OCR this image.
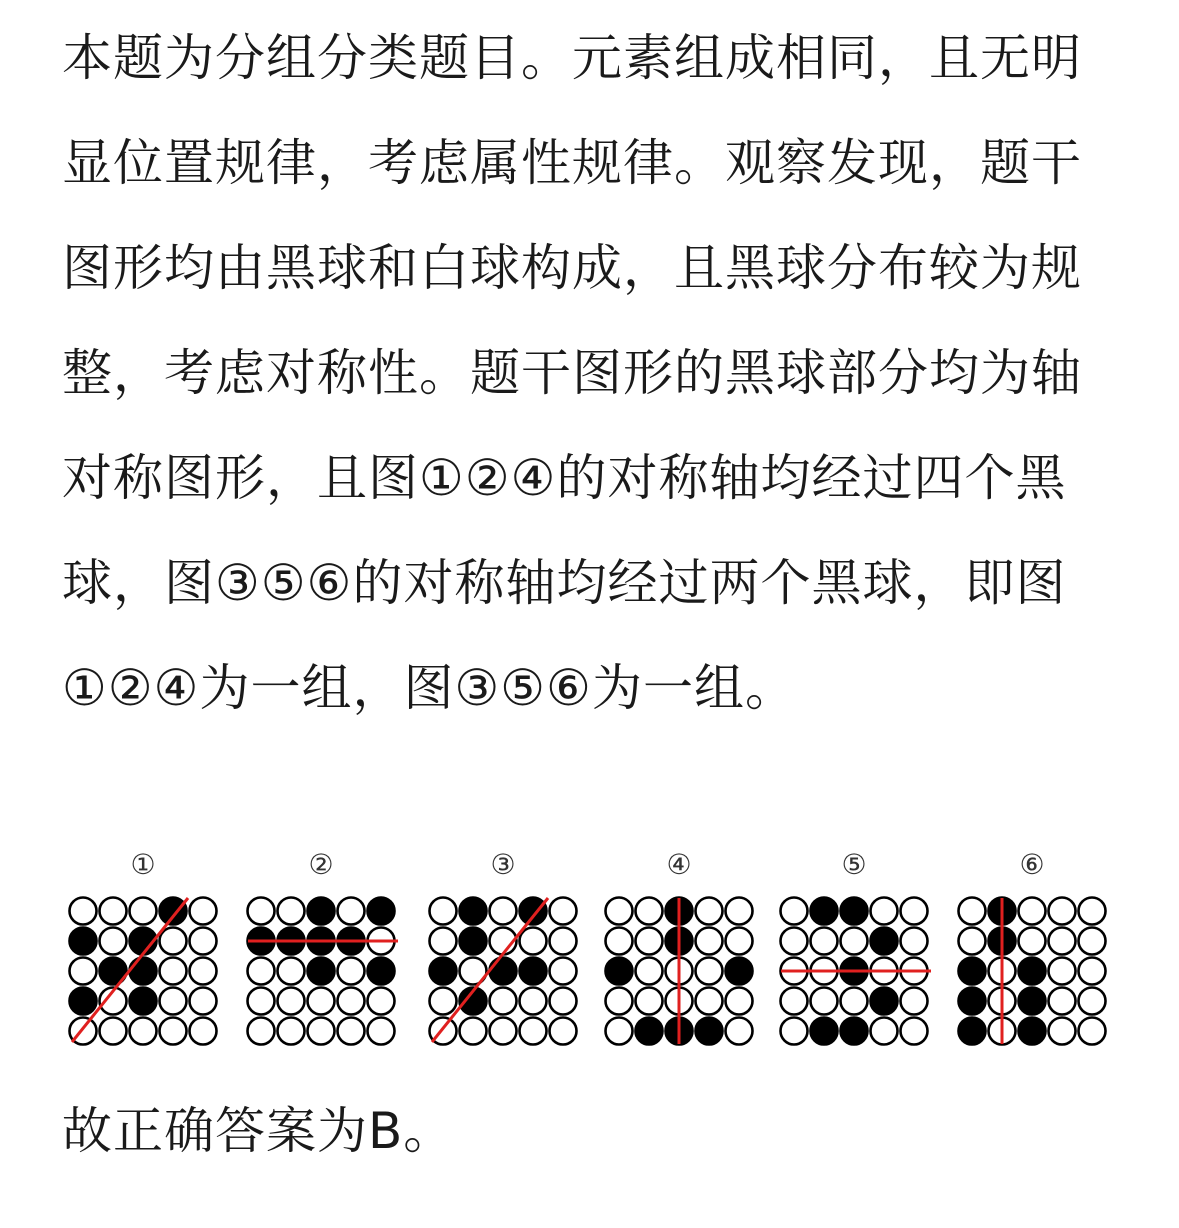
本题为分组分类题目。元素组成相同，且无明显位置规律，考虑属性规律。观察发现，题干图形均由黑球和白球构成，且黑球分布较为规整，考虑对称性。题干图形的黑球部分均为轴对称图形，且图①②④的对称轴均经过四个黑球，图③⑤⑥的对称轴均经过两个黑球，即图①②④为一组，图③⑤⑥为一组。

①	②	③	④	⑤	⑥

故正确答案为B。
